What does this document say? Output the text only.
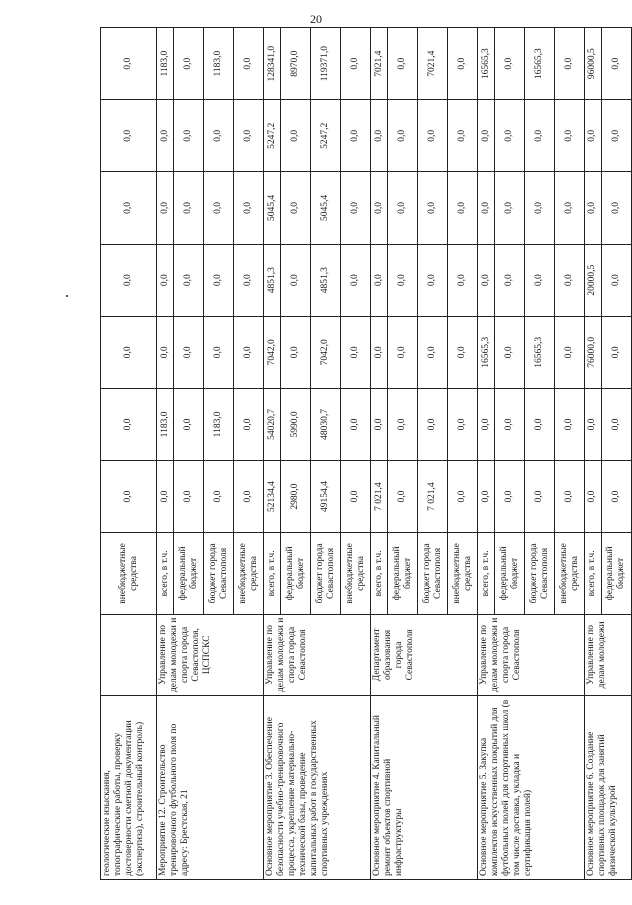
20
геологические изыскания, топографические работы, проверку достоверности сметной документации (экспертиза), строительный контроль)		внебюджетные средства	0,0	0,0	0,0	0,0	0,0	0,0	0,0
Мероприятие 12. Строительство тренировочного футбольного поля по адресу: Брестская, 21	Управление по делам молодежи и спорта города Севастополя, ЦСПСКС	всего, в т.ч.	0,0	1183,0	0,0	0,0	0,0	0,0	1183,0
		федеральный бюджет	0,0	0,0	0,0	0,0	0,0	0,0	0,0
		бюджет города Севастополя	0,0	1183,0	0,0	0,0	0,0	0,0	1183,0
		внебюджетные средства	0,0	0,0	0,0	0,0	0,0	0,0	0,0
Основное мероприятие 3. Обеспечение безопасности учебно-тренировочного процесса, укрепление материально-технической базы, проведение капитальных работ в государственных спортивных учреждениях	Управление по делам молодежи и спорта города Севастополя	всего, в т.ч.	52134,4	54020,7	7042,0	4851,3	5045,4	5247,2	128341,0
		федеральный бюджет	2980,0	5990,0	0,0	0,0	0,0	0,0	8970,0
		бюджет города Севастополя	49154,4	48030,7	7042,0	4851,3	5045,4	5247,2	119371,0
		внебюджетные средства	0,0	0,0	0,0	0,0	0,0	0,0	0,0
Основное мероприятие 4. Капитальный ремонт объектов спортивной инфраструктуры	Департамент образования города Севастополя	всего, в т.ч.	7 021,4	0,0	0,0	0,0	0,0	0,0	7021,4
		федеральный бюджет	0,0	0,0	0,0	0,0	0,0	0,0	0,0
		бюджет города Севастополя	7 021,4	0,0	0,0	0,0	0,0	0,0	7021,4
		внебюджетные средства	0,0	0,0	0,0	0,0	0,0	0,0	0,0
Основное мероприятие 5. Закупка комплектов искусственных покрытий для футбольных полей для спортивных школ (в том числе доставка, укладка и сертификация полей)	Управление по делам молодежи и спорта города Севастополя	всего, в т.ч.	0,0	0,0	16565,3	0,0	0,0	0,0	16565,3
		федеральный бюджет	0,0	0,0	0,0	0,0	0,0	0,0	0,0
		бюджет города Севастополя	0,0	0,0	16565,3	0,0	0,0	0,0	16565,3
		внебюджетные средства	0,0	0,0	0,0	0,0	0,0	0,0	0,0
Основное мероприятие 6. Создание спортивных площадок для занятий физической культурой	Управление по делам молодежи	всего, в т.ч.	0,0	0,0	76000,0	20000,5	0,0	0,0	96000,5
		федеральный бюджет	0,0	0,0	0,0	0,0	0,0	0,0	0,0
